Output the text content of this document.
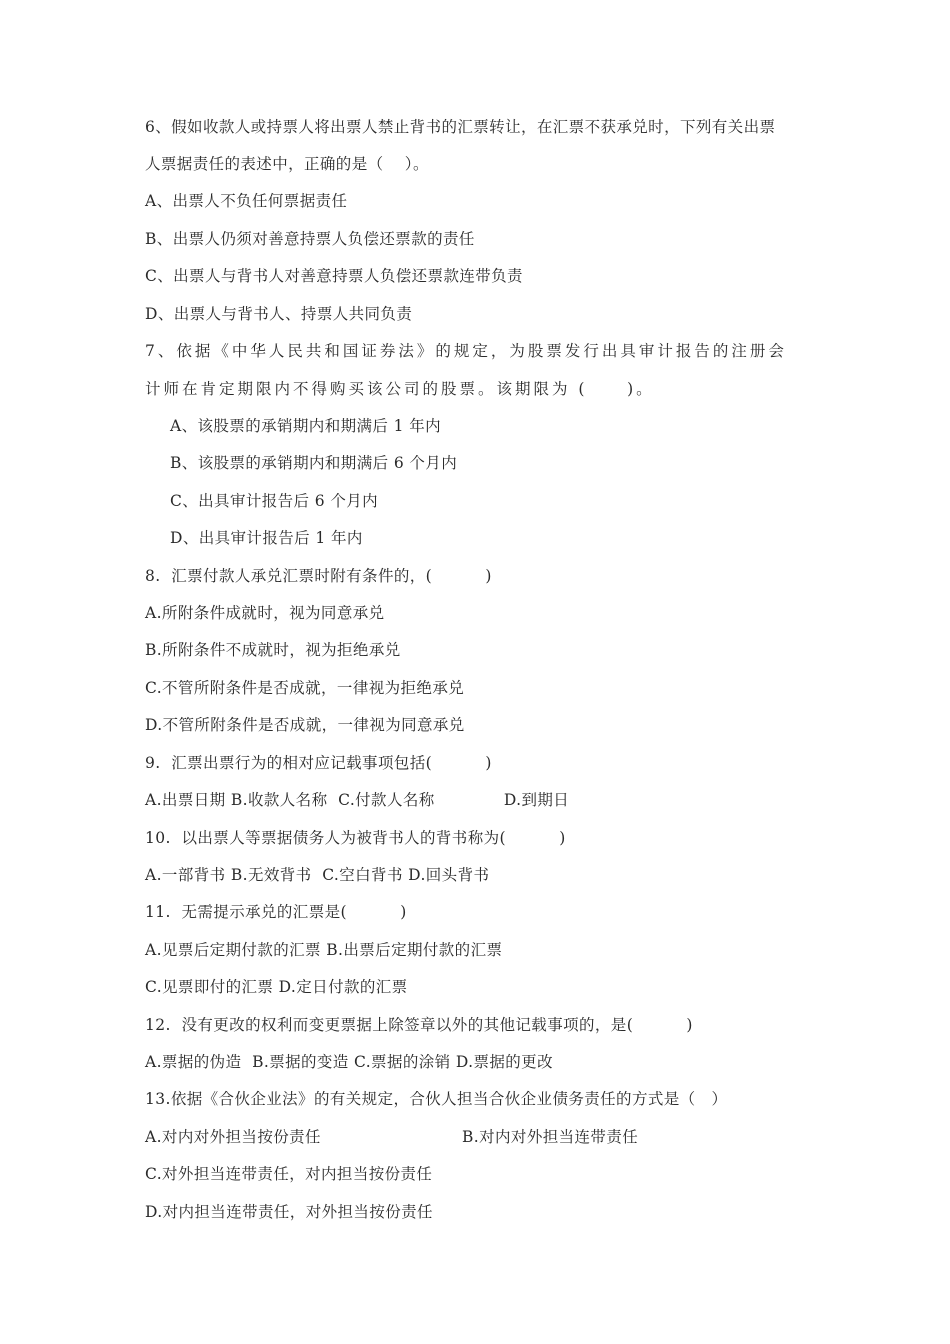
6、假如收款人或持票人将出票人禁止背书的汇票转让，在汇票不获承兑时，下列有关出票

人票据责任的表述中，正确的是（    ）。

A、出票人不负任何票据责任

B、出票人仍须对善意持票人负偿还票款的责任

C、出票人与背书人对善意持票人负偿还票款连带负责

D、出票人与背书人、持票人共同负责

7、依据《中华人民共和国证券法》的规定，为股票发行出具审计报告的注册会

计师在肯定期限内不得购买该公司的股票。该期限为 (     )。

A、该股票的承销期内和期满后 1 年内

B、该股票的承销期内和期满后 6 个月内

C、出具审计报告后 6 个月内

D、出具审计报告后 1 年内

8.  汇票付款人承兑汇票时附有条件的，(          )

A.所附条件成就时，视为同意承兑

B.所附条件不成就时，视为拒绝承兑

C.不管所附条件是否成就，一律视为拒绝承兑

D.不管所附条件是否成就，一律视为同意承兑

9.  汇票出票行为的相对应记载事项包括(          )

A.出票日期 B.收款人名称  C.付款人名称             D.到期日

10.  以出票人等票据债务人为被背书人的背书称为(          )

A.一部背书 B.无效背书  C.空白背书 D.回头背书

11.  无需提示承兑的汇票是(          )

A.见票后定期付款的汇票 B.出票后定期付款的汇票

C.见票即付的汇票 D.定日付款的汇票

12.  没有更改的权利而变更票据上除签章以外的其他记载事项的，是(          )

A.票据的伪造  B.票据的变造 C.票据的涂销 D.票据的更改

13.依据《合伙企业法》的有关规定，合伙人担当合伙企业债务责任的方式是（   ）

A.对内对外担当按份责任	B.对内对外担当连带责任

C.对外担当连带责任，对内担当按份责任

D.对内担当连带责任，对外担当按份责任
